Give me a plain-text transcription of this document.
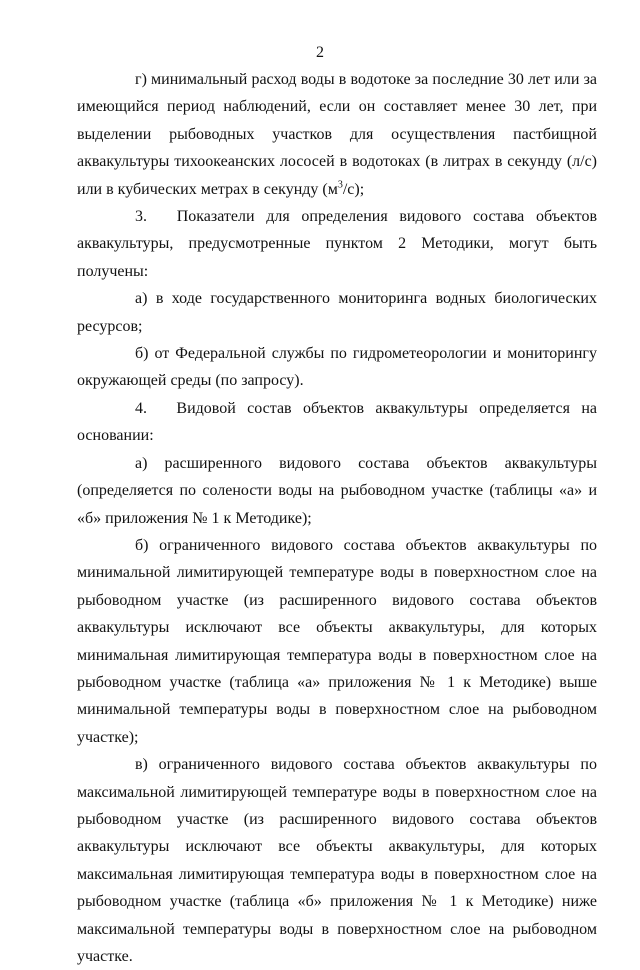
2

г) минимальный расход воды в водотоке за последние 30 лет или за имеющийся период наблюдений, если он составляет менее 30 лет, при выделении рыбоводных участков для осуществления пастбищной аквакультуры тихоокеанских лососей в водотоках (в литрах в секунду (л/с) или в кубических метрах в секунду $(м^3/с)$;

3. Показатели для определения видового состава объектов аквакультуры, предусмотренные пунктом 2 Методики, могут быть получены:

а) в ходе государственного мониторинга водных биологических ресурсов;

б) от Федеральной службы по гидрометеорологии и мониторингу окружающей среды (по запросу).

4. Видовой состав объектов аквакультуры определяется на основании:

а) расширенного видового состава объектов аквакультуры (определяется по солености воды на рыбоводном участке (таблицы «а» и «б» приложения № 1 к Методике);

б) ограниченного видового состава объектов аквакультуры по минимальной лимитирующей температуре воды в поверхностном слое на рыбоводном участке (из расширенного видового состава объектов аквакультуры исключают все объекты аквакультуры, для которых минимальная лимитирующая температура воды в поверхностном слое на рыбоводном участке (таблица «а» приложения № 1 к Методике) выше минимальной температуры воды в поверхностном слое на рыбоводном участке);

в) ограниченного видового состава объектов аквакультуры по максимальной лимитирующей температуре воды в поверхностном слое на рыбоводном участке (из расширенного видового состава объектов аквакультуры исключают все объекты аквакультуры, для которых максимальная лимитирующая температура воды в поверхностном слое на рыбоводном участке (таблица «б» приложения № 1 к Методике) ниже максимальной температуры воды в поверхностном слое на рыбоводном участке.
